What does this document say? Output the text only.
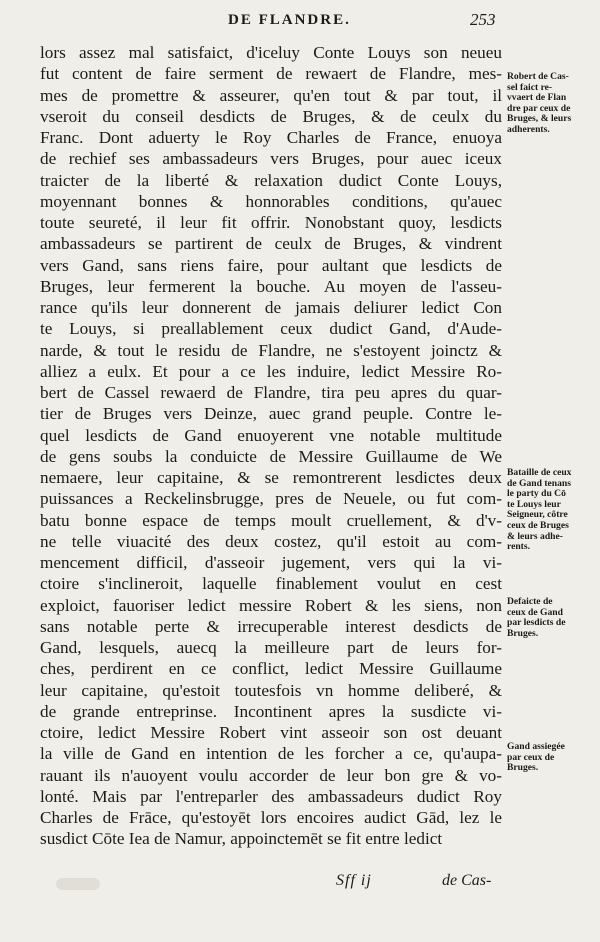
DE FLANDRE.	253
lors assez mal satisfaict, d'iceluy Conte Louys son neueu
fut content de faire serment de rewaert de Flandre, mes-
mes de promettre & asseurer, qu'en tout & par tout, il
vseroit du conseil desdicts de Bruges, & de ceulx du
Franc. Dont aduerty le Roy Charles de France, enuoya
de rechief ses ambassadeurs vers Bruges, pour auec iceux
traicter de la liberté & relaxation dudict Conte Louys,
moyennant bonnes & honnorables conditions, qu'auec
toute seureté, il leur fit offrir. Nonobstant quoy, lesdicts
ambassadeurs se partirent de ceulx de Bruges, & vindrent
vers Gand, sans riens faire, pour aultant que lesdicts de
Bruges, leur fermerent la bouche. Au moyen de l'asseu-
rance qu'ils leur donnerent de jamais deliurer ledict Con
te Louys, si preallablement ceux dudict Gand, d'Aude-
narde, & tout le residu de Flandre, ne s'estoyent joinctz &
alliez a eulx. Et pour a ce les induire, ledict Messire Ro-
bert de Cassel rewaerd de Flandre, tira peu apres du quar-
tier de Bruges vers Deinze, auec grand peuple. Contre le-
quel lesdicts de Gand enuoyerent vne notable multitude
de gens soubs la conduicte de Messire Guillaume de We
nemaere, leur capitaine, & se remontrerent lesdictes deux
puissances a Reckelinsbrugge, pres de Neuele, ou fut com-
batu bonne espace de temps moult cruellement, & d'v-
ne telle viuacité des deux costez, qu'il estoit au com-
mencement difficil, d'asseoir jugement, vers qui la vi-
ctoire s'inclineroit, laquelle finablement voulut en cest
exploict, fauoriser ledict messire Robert & les siens, non
sans notable perte & irrecuperable interest desdicts de
Gand, lesquels, auecq la meilleure part de leurs for-
ches, perdirent en ce conflict, ledict Messire Guillaume
leur capitaine, qu'estoit toutesfois vn homme deliberé, &
de grande entreprinse. Incontinent apres la susdicte vi-
ctoire, ledict Messire Robert vint asseoir son ost deuant
la ville de Gand en intention de les forcher a ce, qu'aupa-
rauant ils n'auoyent voulu accorder de leur bon gre & vo-
lonté. Mais par l'entreparler des ambassadeurs dudict Roy
Charles de Frāce, qu'estoyēt lors encoires audict Gād, lez le
susdict Cōte Iea de Namur, appoinctemēt se fit entre ledict
Robert de Cas-
sel faict re-
vvaert de Flan
dre par ceux de
Bruges, & leurs
adherents.
Bataille de ceux
de Gand tenans
le party du Cō
te Louys leur
Seigneur, côtre
ceux de Bruges
& leurs adhe-
rents.
Defaicte de
ceux de Gand
par lesdicts de
Bruges.
Gand assiegée
par ceux de
Bruges.
Sff ij	de Cas-
